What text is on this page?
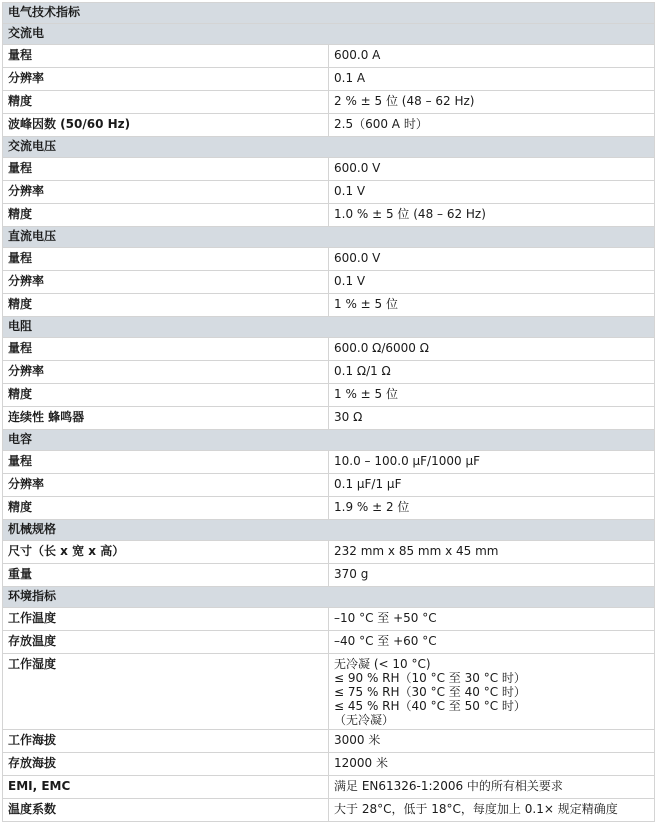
电气技术指标	
交流电	
量程	600.0 A
分辨率	0.1 A
精度	2 % ± 5 位 (48 – 62 Hz)
波峰因数 (50/60 Hz)	2.5（600 A 时）
交流电压	
量程	600.0 V
分辨率	0.1 V
精度	1.0 % ± 5 位 (48 – 62 Hz)
直流电压	
量程	600.0 V
分辨率	0.1 V
精度	1 % ± 5 位
电阻	
量程	600.0 Ω/6000 Ω
分辨率	0.1 Ω/1 Ω
精度	1 % ± 5 位
连续性 蜂鸣器	30 Ω
电容	
量程	10.0 – 100.0 μF/1000 μF
分辨率	0.1 μF/1 μF
精度	1.9 % ± 2 位
机械规格	
尺寸（长 x 宽 x 高）	232 mm x 85 mm x 45 mm
重量	370 g
环境指标	
工作温度	–10 °C 至 +50 °C
存放温度	–40 °C 至 +60 °C
工作湿度	无冷凝 (< 10 °C)
≤ 90 % RH（10 °C 至 30 °C 时）
≤ 75 % RH（30 °C 至 40 °C 时）
≤ 45 % RH（40 °C 至 50 °C 时）
（无冷凝）

工作海拔	3000 米
存放海拔	12000 米
EMI, EMC	满足 EN61326-1:2006 中的所有相关要求
温度系数	大于 28°C，低于 18°C，每度加上 0.1× 规定精确度
